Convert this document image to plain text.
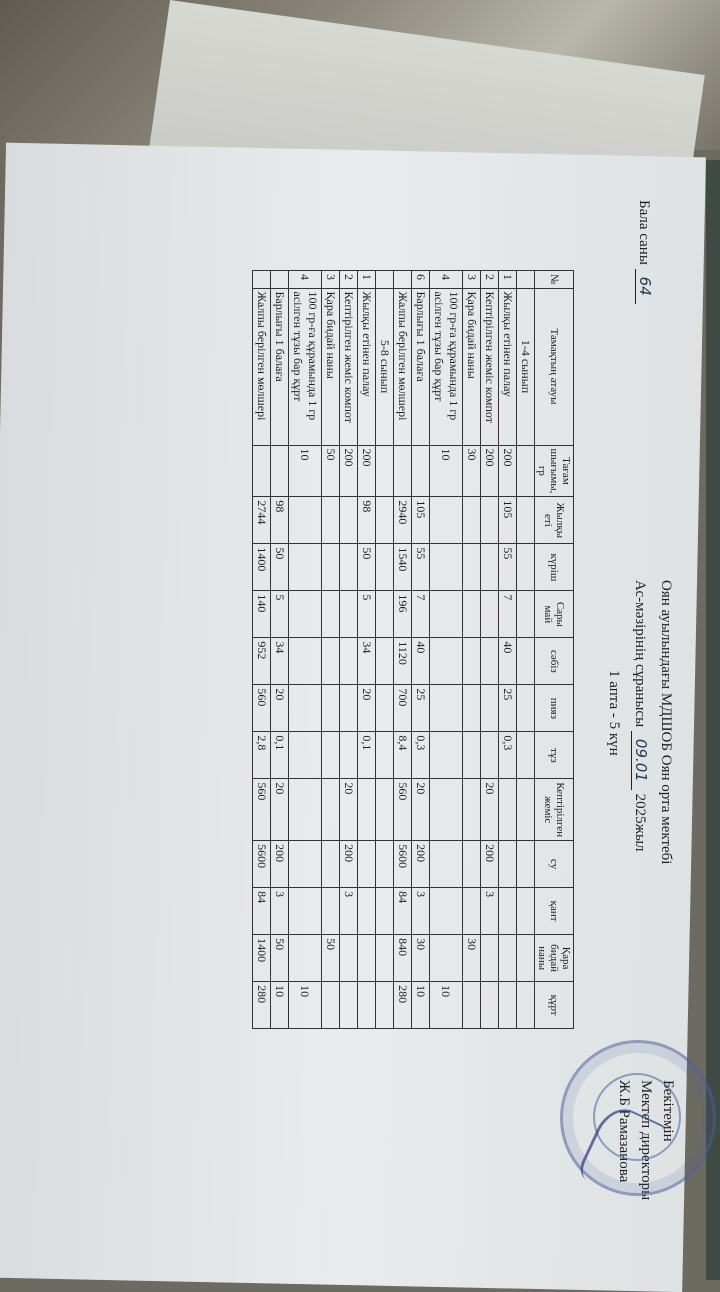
Бала саны 64
Оян ауылындағы МДШОБ Оян орта мектебі
Ас-мәзірінің сұранысы 09.01 2025жыл
1 апта - 5 күн
Бекітемін
Мектеп директоры
Ж.Б Рамазанова
№	Тамақтың атауы	Тағам шығымы, гр	Жылқы еті	күріш	Сары май	сәбіз	пияз	тұз	Кептірілген жеміс	су	қант	Қара бидай наны	құрт
	1-4 сынып												
1	Жылқы етінен палау	200	105	55	7	40	25	0,3					
2	Кептірілген жеміс компот	200							20	200	3		
3	Қара бидай наны	30										30	
4	100 гр-ға құрамында 1 гр асілген тұзы бар құрт	10											10
6	Барлығы 1 балаға		105	55	7	40	25	0,3	20	200	3	30	10
	Жалпы берілген мөлшері		2940	1540	196	1120	700	8,4	560	5600	84	840	280
	5-8 сынып												
1	Жылқы етінен палау	200	98	50	5	34	20	0,1					
2	Кептірілген жеміс компот	200							20	200	3		
3	Қара бидай наны	50										50	
4	100 гр-ға құрамында 1 гр асілген тұзы бар құрт	10											10
	Барлығы 1 балаға		98	50	5	34	20	0,1	20	200	3	50	10
	Жалпы берілген мөлшері		2744	1400	140	952	560	2,8	560	5600	84	1400	280
